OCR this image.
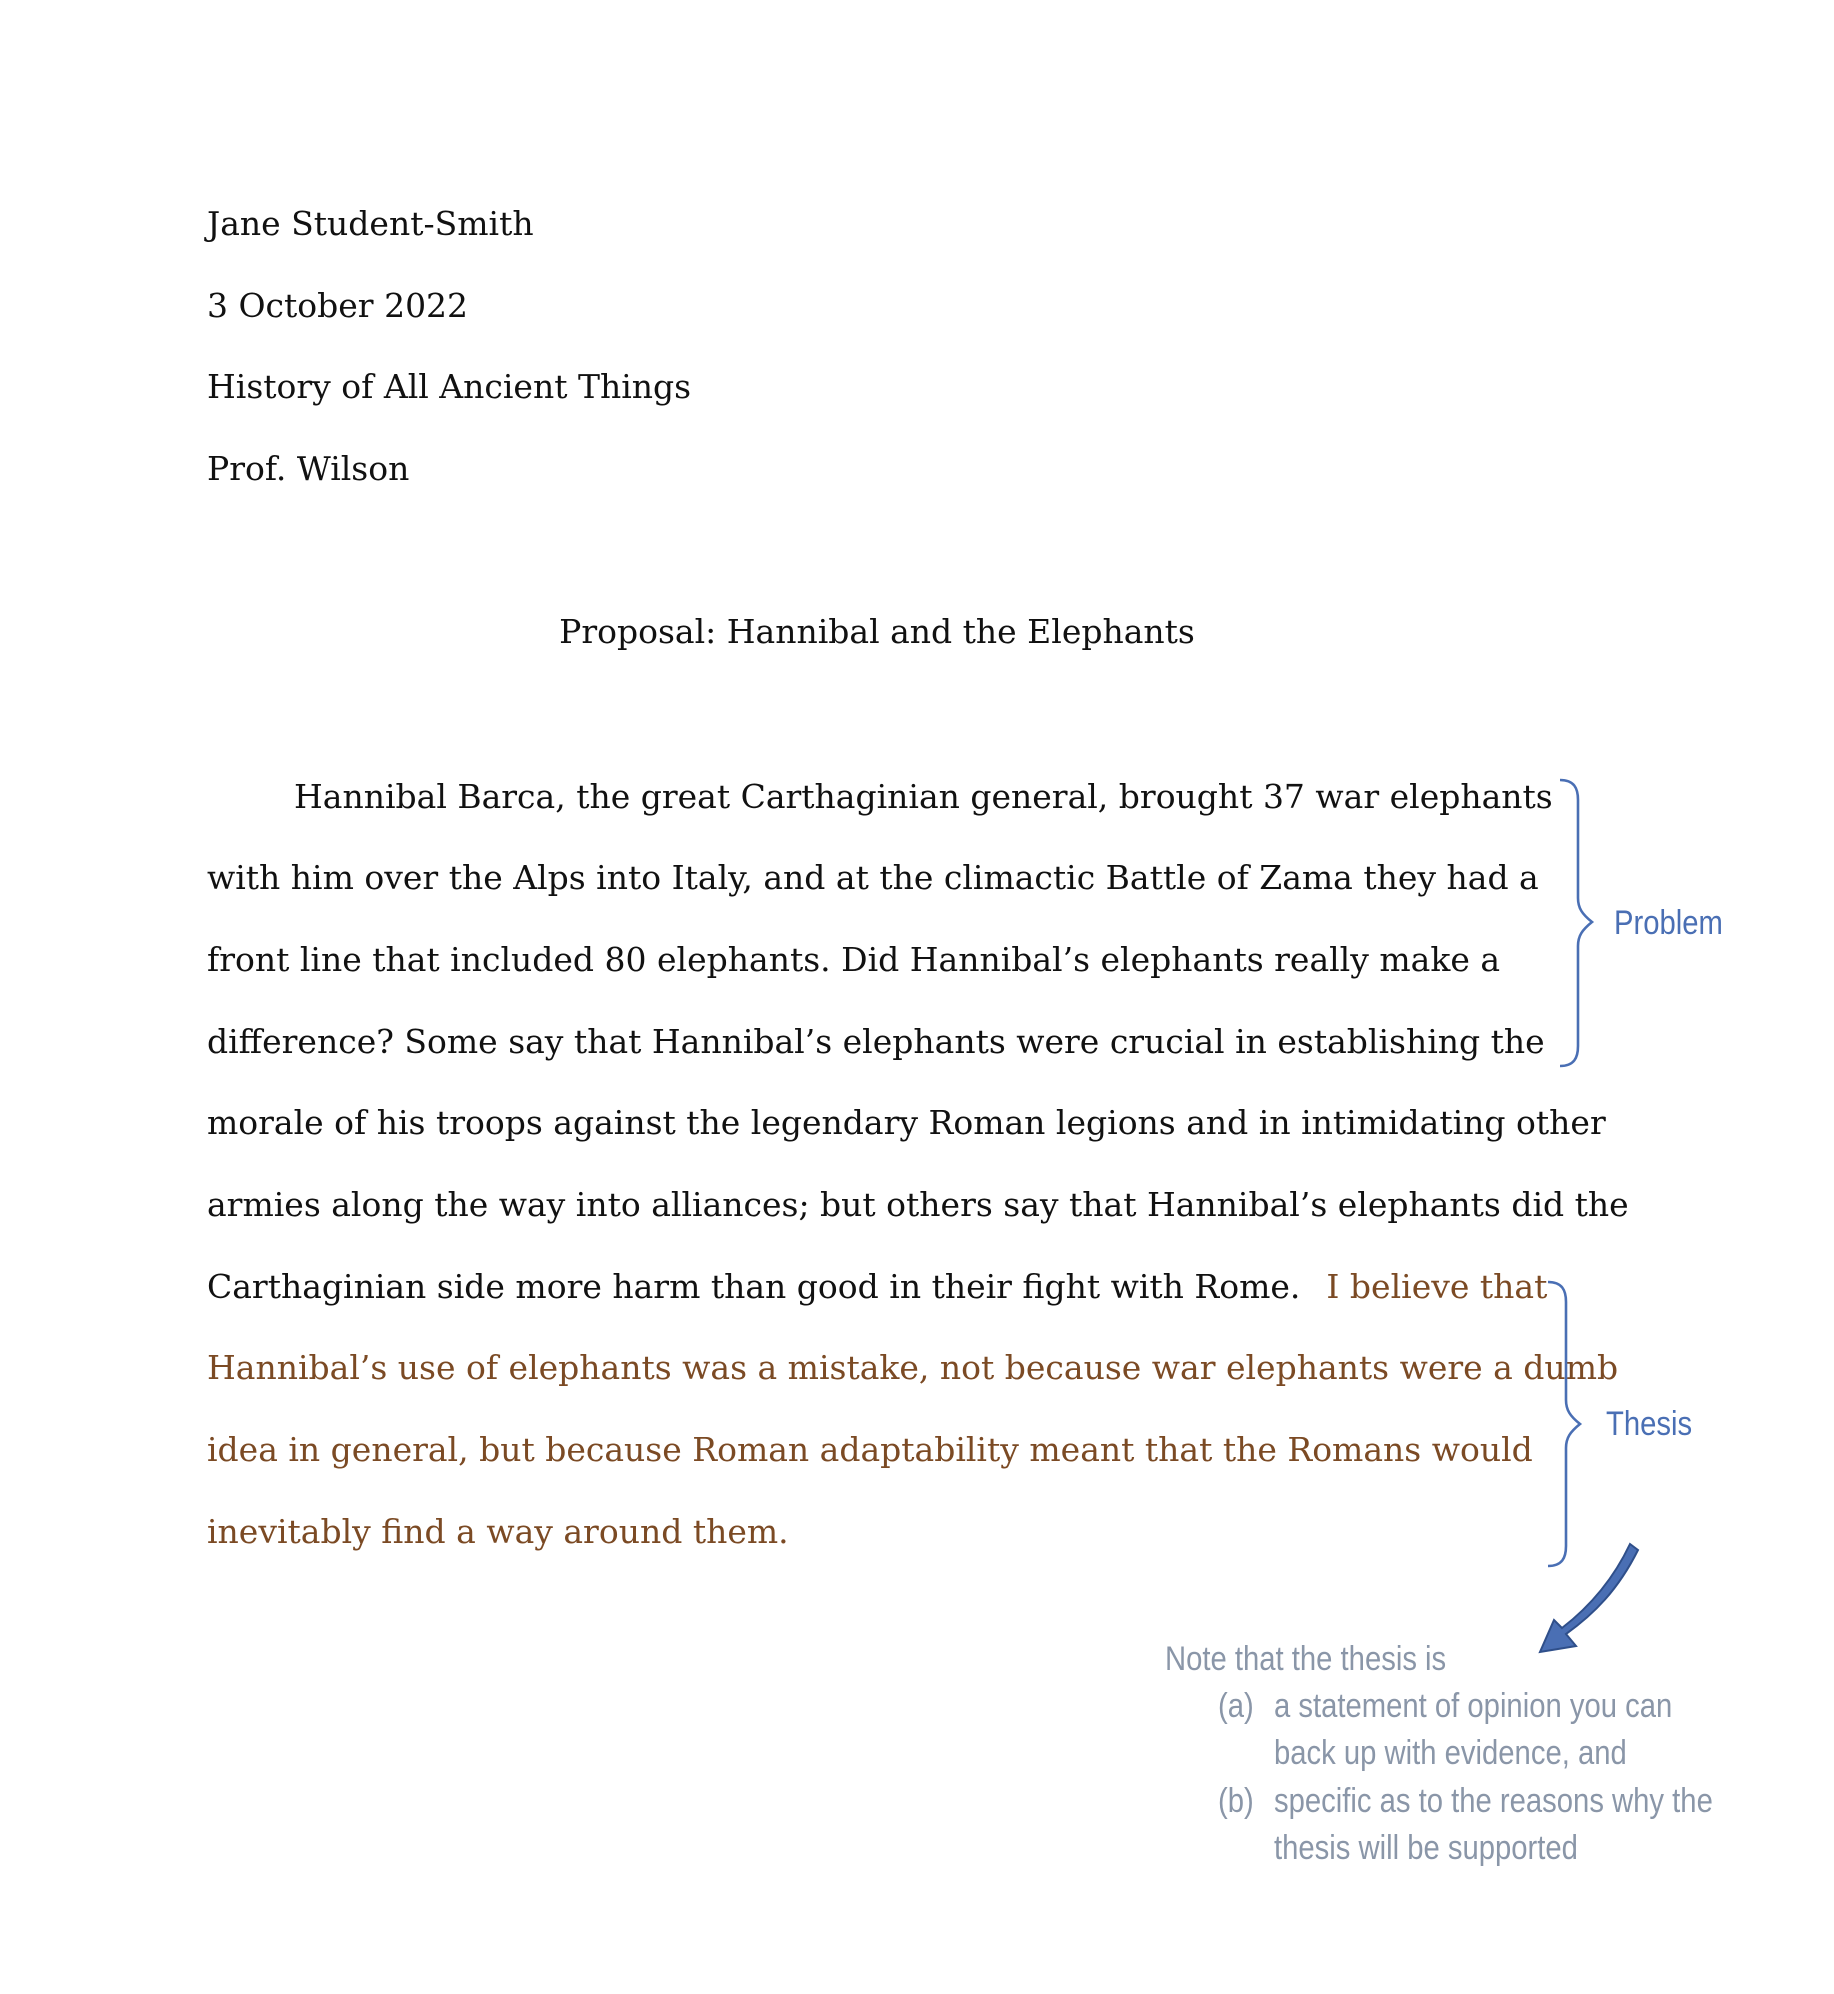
Jane Student-Smith
3 October 2022
History of All Ancient Things
Prof. Wilson
Proposal: Hannibal and the Elephants
Hannibal Barca, the great Carthaginian general, brought 37 war elephants
with him over the Alps into Italy, and at the climactic Battle of Zama they had a
front line that included 80 elephants. Did Hannibal’s elephants really make a
difference? Some say that Hannibal’s elephants were crucial in establishing the
morale of his troops against the legendary Roman legions and in intimidating other
armies along the way into alliances; but others say that Hannibal’s elephants did the
Carthaginian side more harm than good in their fight with Rome. I believe that
Hannibal’s use of elephants was a mistake, not because war elephants were a dumb
idea in general, but because Roman adaptability meant that the Romans would
inevitably find a way around them.
Problem
Thesis
Note that the thesis is
(a) a statement of opinion you can
back up with evidence, and
(b) specific as to the reasons why the
thesis will be supported
